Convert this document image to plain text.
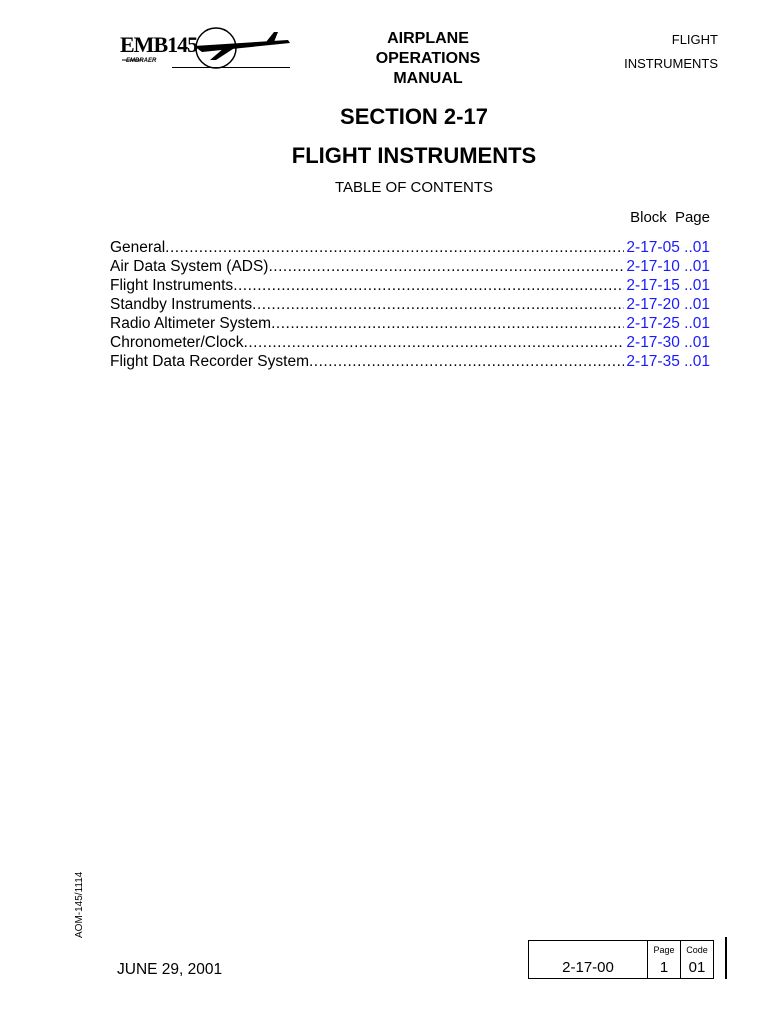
EMB145
EMBRAER
AIRPLANE
OPERATIONS
MANUAL
FLIGHT
INSTRUMENTS
SECTION 2-17
FLIGHT INSTRUMENTS
TABLE OF CONTENTS
Block Page
General .....	2-17-05 ..01
Air Data System (ADS) .....	2-17-10 ..01
Flight Instruments .....	2-17-15 ..01
Standby Instruments .....	2-17-20 ..01
Radio Altimeter System .....	2-17-25 ..01
Chronometer/Clock .....	2-17-30 ..01
Flight Data Recorder System .....	2-17-35 ..01
AOM-145/1114
JUNE 29, 2001	2-17-00
Page
1
Code
01
